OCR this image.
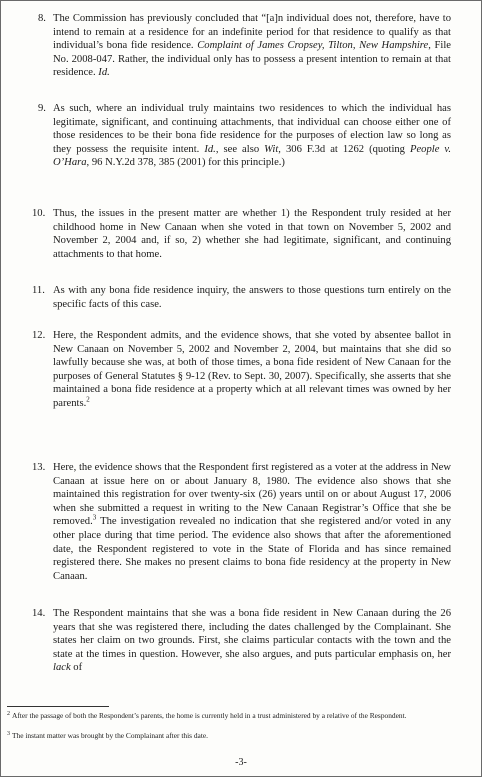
8. The Commission has previously concluded that “[a]n individual does not, therefore, have to intend to remain at a residence for an indefinite period for that residence to qualify as that individual’s bona fide residence. Complaint of James Cropsey, Tilton, New Hampshire, File No. 2008-047. Rather, the individual only has to possess a present intention to remain at that residence. Id.
9. As such, where an individual truly maintains two residences to which the individual has legitimate, significant, and continuing attachments, that individual can choose either one of those residences to be their bona fide residence for the purposes of election law so long as they possess the requisite intent. Id., see also Wit, 306 F.3d at 1262 (quoting People v. O’Hara, 96 N.Y.2d 378, 385 (2001) for this principle.)
10. Thus, the issues in the present matter are whether 1) the Respondent truly resided at her childhood home in New Canaan when she voted in that town on November 5, 2002 and November 2, 2004 and, if so, 2) whether she had legitimate, significant, and continuing attachments to that home.
11. As with any bona fide residence inquiry, the answers to those questions turn entirely on the specific facts of this case.
12. Here, the Respondent admits, and the evidence shows, that she voted by absentee ballot in New Canaan on November 5, 2002 and November 2, 2004, but maintains that she did so lawfully because she was, at both of those times, a bona fide resident of New Canaan for the purposes of General Statutes § 9-12 (Rev. to Sept. 30, 2007). Specifically, she asserts that she maintained a bona fide residence at a property which at all relevant times was owned by her parents.$^2$
13. Here, the evidence shows that the Respondent first registered as a voter at the address in New Canaan at issue here on or about January 8, 1980. The evidence also shows that she maintained this registration for over twenty-six (26) years until on or about August 17, 2006 when she submitted a request in writing to the New Canaan Registrar’s Office that she be removed.$^3$ The investigation revealed no indication that she registered and/or voted in any other place during that time period. The evidence also shows that after the aforementioned date, the Respondent registered to vote in the State of Florida and has since remained registered there. She makes no present claims to bona fide residency at the property in New Canaan.
14. The Respondent maintains that she was a bona fide resident in New Canaan during the 26 years that she was registered there, including the dates challenged by the Complainant. She states her claim on two grounds. First, she claims particular contacts with the town and the state at the times in question. However, she also argues, and puts particular emphasis on, her lack of
$^2$ After the passage of both the Respondent’s parents, the home is currently held in a trust administered by a relative of the Respondent.
$^3$ The instant matter was brought by the Complainant after this date.
-3-
